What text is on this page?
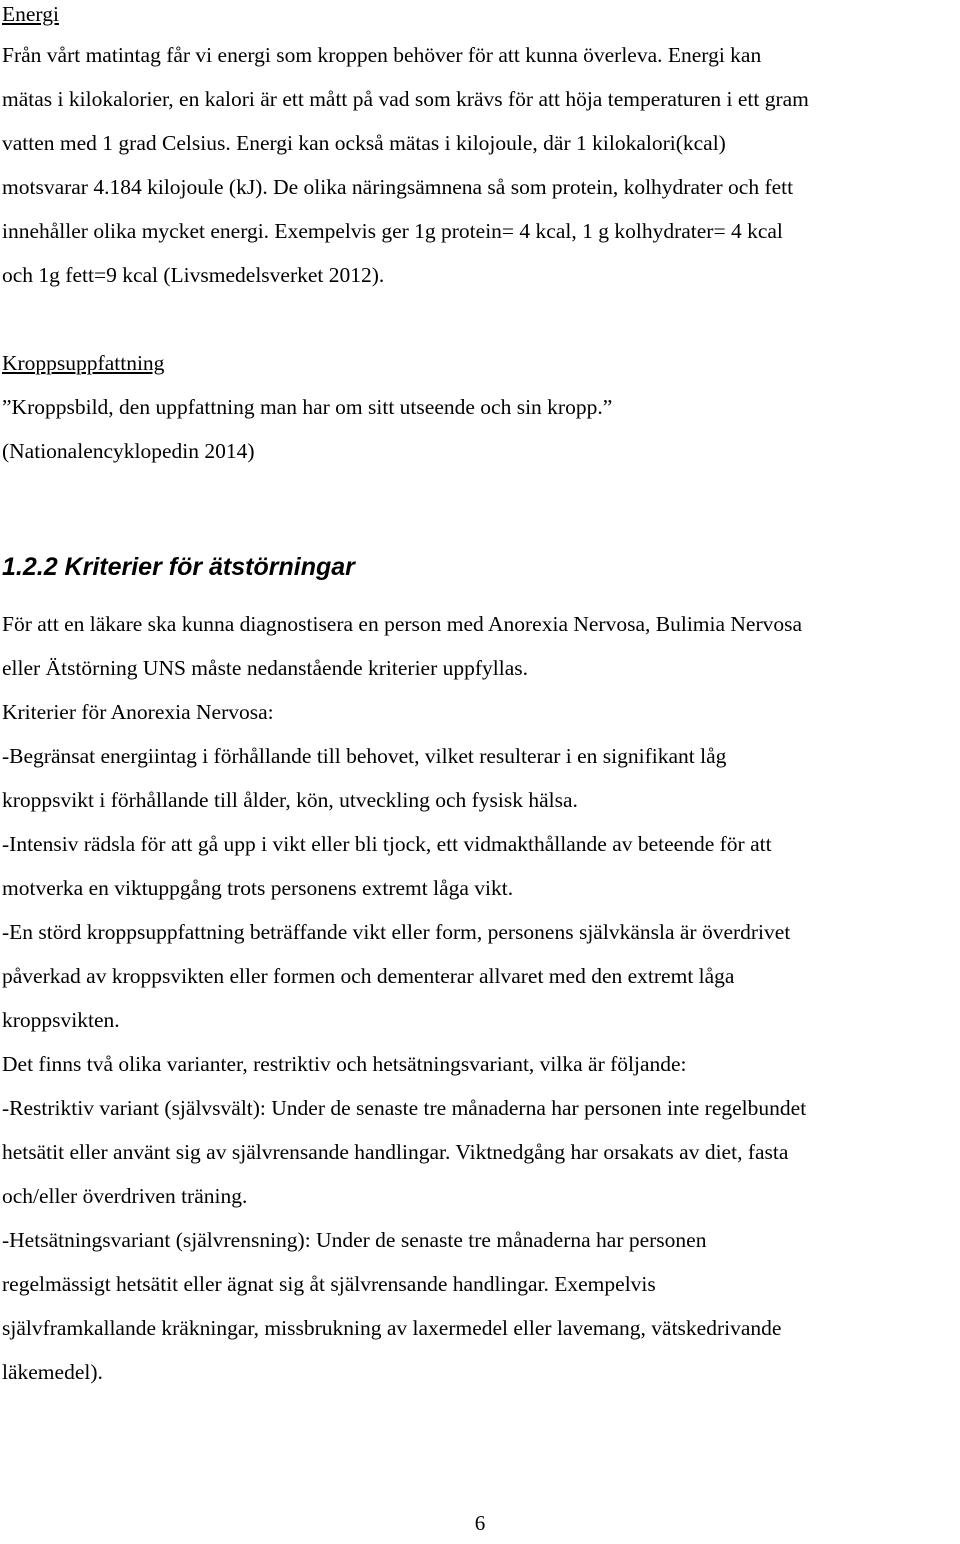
Energi
Från vårt matintag får vi energi som kroppen behöver för att kunna överleva. Energi kan
mätas i kilokalorier, en kalori är ett mått på vad som krävs för att höja temperaturen i ett gram
vatten med 1 grad Celsius. Energi kan också mätas i kilojoule, där 1 kilokalori(kcal)
motsvarar 4.184 kilojoule (kJ). De olika näringsämnena så som protein, kolhydrater och fett
innehåller olika mycket energi. Exempelvis ger 1g protein= 4 kcal, 1 g kolhydrater= 4 kcal
och 1g fett=9 kcal (Livsmedelsverket 2012).
Kroppsuppfattning
”Kroppsbild, den uppfattning man har om sitt utseende och sin kropp.”
(Nationalencyklopedin 2014)
1.2.2 Kriterier för ätstörningar
För att en läkare ska kunna diagnostisera en person med Anorexia Nervosa, Bulimia Nervosa
eller Ätstörning UNS måste nedanstående kriterier uppfyllas.
Kriterier för Anorexia Nervosa:
-Begränsat energiintag i förhållande till behovet, vilket resulterar i en signifikant låg
kroppsvikt i förhållande till ålder, kön, utveckling och fysisk hälsa.
-Intensiv rädsla för att gå upp i vikt eller bli tjock, ett vidmakthållande av beteende för att
motverka en viktuppgång trots personens extremt låga vikt.
-En störd kroppsuppfattning beträffande vikt eller form, personens självkänsla är överdrivet
påverkad av kroppsvikten eller formen och dementerar allvaret med den extremt låga
kroppsvikten.
Det finns två olika varianter, restriktiv och hetsätningsvariant, vilka är följande:
-Restriktiv variant (självsvält): Under de senaste tre månaderna har personen inte regelbundet
hetsätit eller använt sig av självrensande handlingar. Viktnedgång har orsakats av diet, fasta
och/eller överdriven träning.
-Hetsätningsvariant (självrensning): Under de senaste tre månaderna har personen
regelmässigt hetsätit eller ägnat sig åt självrensande handlingar. Exempelvis
självframkallande kräkningar, missbrukning av laxermedel eller lavemang, vätskedrivande
läkemedel).
6
